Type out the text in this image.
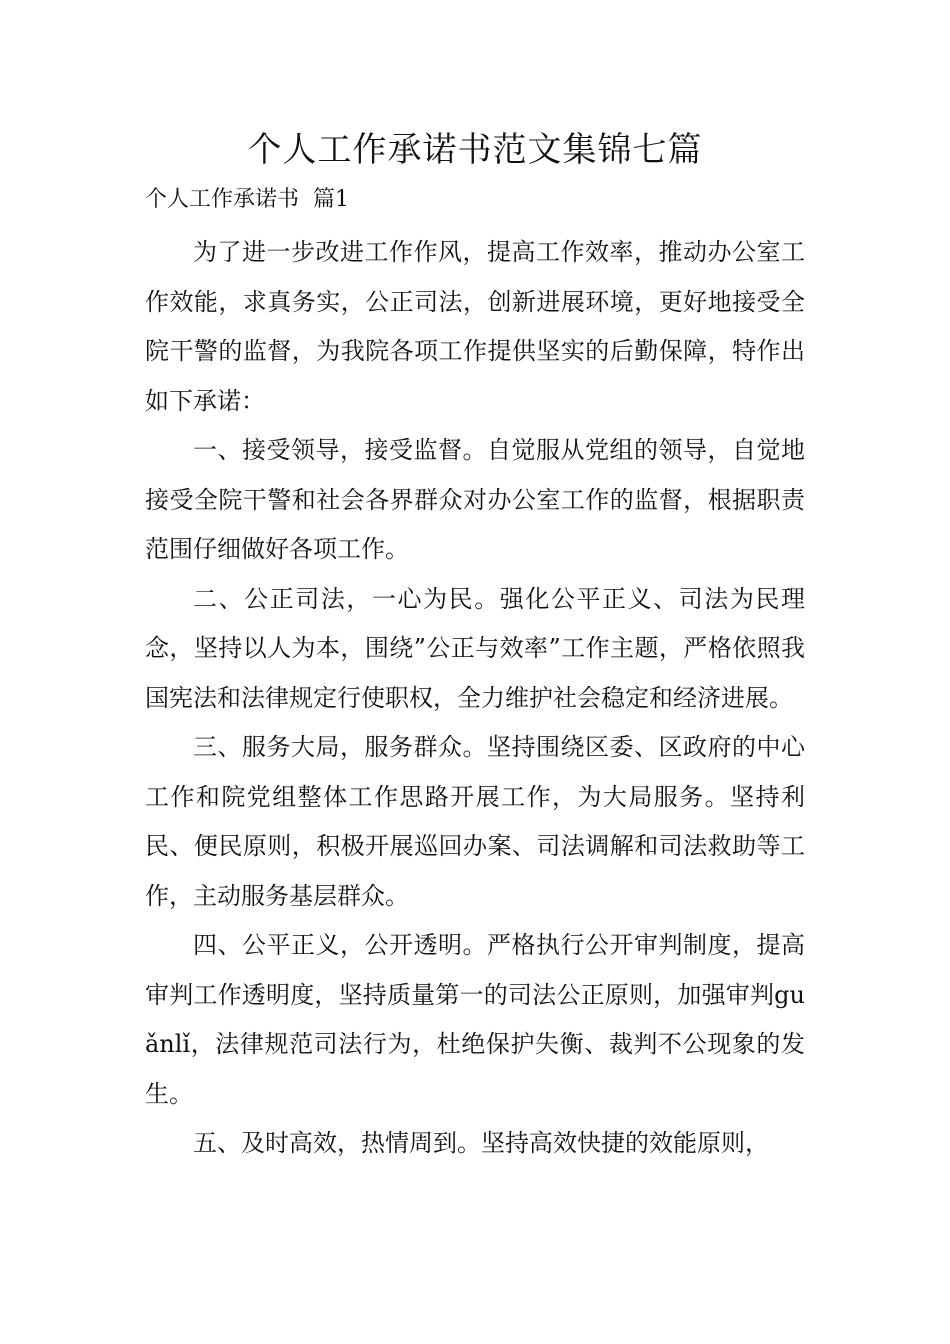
个人工作承诺书范文集锦七篇

个人工作承诺书  篇1

为了进一步改进工作作风，提高工作效率，推动办公室工作效能，求真务实，公正司法，创新进展环境，更好地接受全院干警的监督，为我院各项工作提供坚实的后勤保障，特作出如下承诺：

一、接受领导，接受监督。自觉服从党组的领导，自觉地接受全院干警和社会各界群众对办公室工作的监督，根据职责范围仔细做好各项工作。

二、公正司法，一心为民。强化公平正义、司法为民理念，坚持以人为本，围绕”公正与效率”工作主题，严格依照我国宪法和法律规定行使职权，全力维护社会稳定和经济进展。

三、服务大局，服务群众。坚持围绕区委、区政府的中心工作和院党组整体工作思路开展工作，为大局服务。坚持利民、便民原则，积极开展巡回办案、司法调解和司法救助等工作，主动服务基层群众。

四、公平正义，公开透明。严格执行公开审判制度，提高审判工作透明度，坚持质量第一的司法公正原则，加强审判guǎnlǐ，法律规范司法行为，杜绝保护失衡、裁判不公现象的发生。

五、及时高效，热情周到。坚持高效快捷的效能原则，
